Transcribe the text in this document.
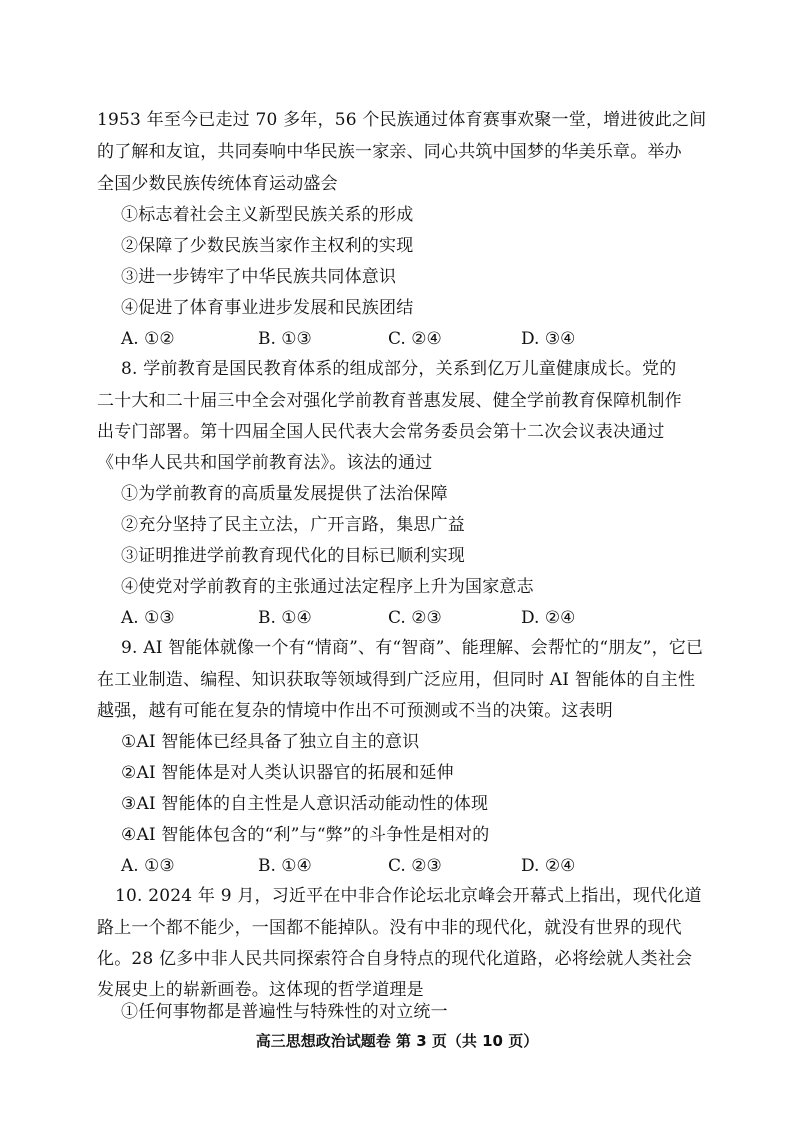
1953 年至今已走过 70 多年，56 个民族通过体育赛事欢聚一堂，增进彼此之间
的了解和友谊，共同奏响中华民族一家亲、同心共筑中国梦的华美乐章。举办
全国少数民族传统体育运动盛会
①标志着社会主义新型民族关系的形成
②保障了少数民族当家作主权利的实现
③进一步铸牢了中华民族共同体意识
④促进了体育事业进步发展和民族团结
A. ①②	B. ①③	C. ②④	D. ③④
8. 学前教育是国民教育体系的组成部分，关系到亿万儿童健康成长。党的
二十大和二十届三中全会对强化学前教育普惠发展、健全学前教育保障机制作
出专门部署。第十四届全国人民代表大会常务委员会第十二次会议表决通过
《中华人民共和国学前教育法》。该法的通过
①为学前教育的高质量发展提供了法治保障
②充分坚持了民主立法，广开言路，集思广益
③证明推进学前教育现代化的目标已顺利实现
④使党对学前教育的主张通过法定程序上升为国家意志
A. ①③	B. ①④	C. ②③	D. ②④
9. AI 智能体就像一个有“情商”、有“智商”、能理解、会帮忙的“朋友”，它已
在工业制造、编程、知识获取等领域得到广泛应用，但同时 AI 智能体的自主性
越强，越有可能在复杂的情境中作出不可预测或不当的决策。这表明
①AI 智能体已经具备了独立自主的意识
②AI 智能体是对人类认识器官的拓展和延伸
③AI 智能体的自主性是人意识活动能动性的体现
④AI 智能体包含的“利”与“弊”的斗争性是相对的
A. ①③	B. ①④	C. ②③	D. ②④
10. 2024 年 9 月，习近平在中非合作论坛北京峰会开幕式上指出，现代化道
路上一个都不能少，一国都不能掉队。没有中非的现代化，就没有世界的现代
化。28 亿多中非人民共同探索符合自身特点的现代化道路，必将绘就人类社会
发展史上的崭新画卷。这体现的哲学道理是
①任何事物都是普遍性与特殊性的对立统一
高三思想政治试题卷 第 3 页（共 10 页）
